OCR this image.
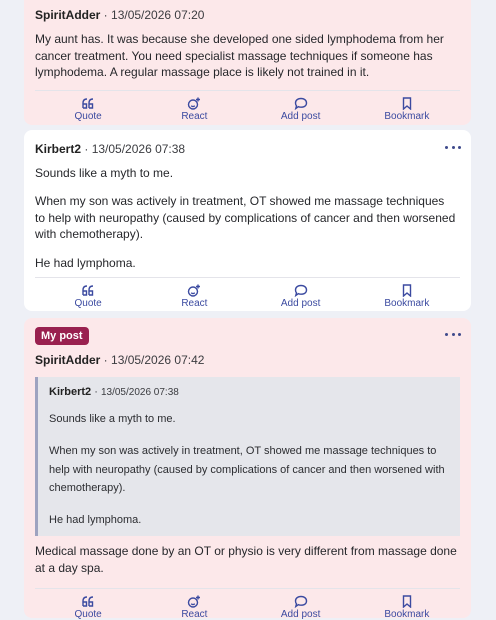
SpiritAdder · 13/05/2026 07:20

My aunt has. It was because she developed one sided lymphodema from her cancer treatment. You need specialist massage techniques if someone has lymphodema. A regular massage place is likely not trained in it.

Quote	React	Add post	Bookmark
Kirbert2 · 13/05/2026 07:38

Sounds like a myth to me.

When my son was actively in treatment, OT showed me massage techniques to help with neuropathy (caused by complications of cancer and then worsened with chemotherapy).

He had lymphoma.

Quote	React	Add post	Bookmark
My post
SpiritAdder · 13/05/2026 07:42
Kirbert2 · 13/05/2026 07:38

Sounds like a myth to me.

When my son was actively in treatment, OT showed me massage techniques to help with neuropathy (caused by complications of cancer and then worsened with chemotherapy).

He had lymphoma.

Medical massage done by an OT or physio is very different from massage done at a day spa.

Quote	React	Add post	Bookmark
